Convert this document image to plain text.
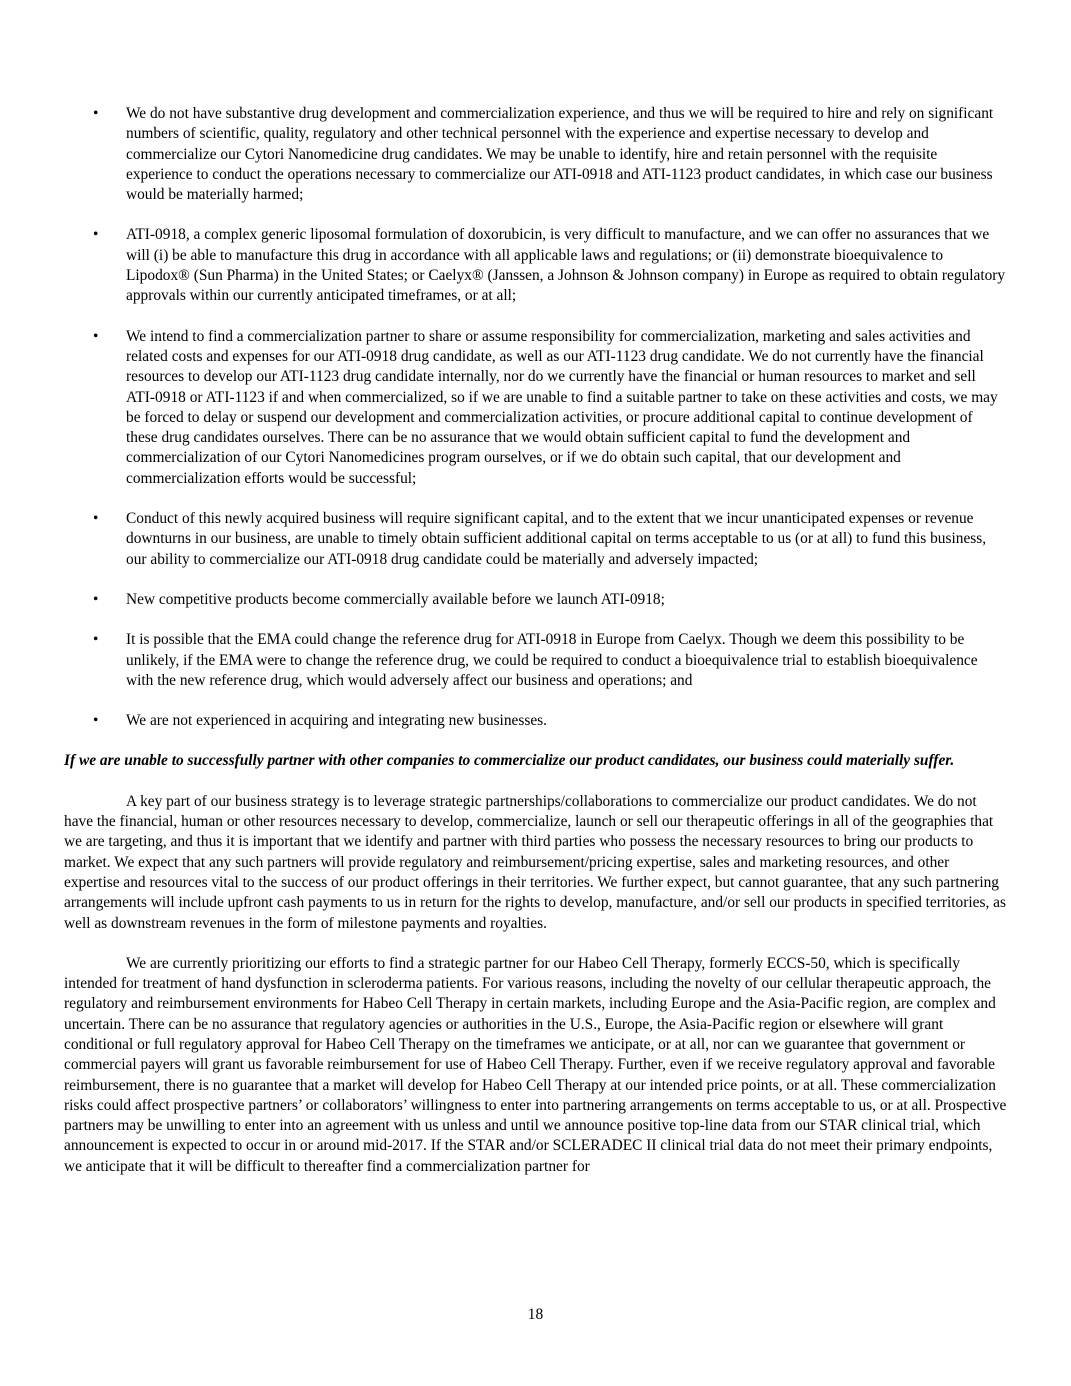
• We do not have substantive drug development and commercialization experience, and thus we will be required to hire and rely on significant numbers of scientific, quality, regulatory and other technical personnel with the experience and expertise necessary to develop and commercialize our Cytori Nanomedicine drug candidates. We may be unable to identify, hire and retain personnel with the requisite experience to conduct the operations necessary to commercialize our ATI-0918 and ATI-1123 product candidates, in which case our business would be materially harmed;
• ATI-0918, a complex generic liposomal formulation of doxorubicin, is very difficult to manufacture, and we can offer no assurances that we will (i) be able to manufacture this drug in accordance with all applicable laws and regulations; or (ii) demonstrate bioequivalence to Lipodox® (Sun Pharma) in the United States; or Caelyx® (Janssen, a Johnson & Johnson company) in Europe as required to obtain regulatory approvals within our currently anticipated timeframes, or at all;
• We intend to find a commercialization partner to share or assume responsibility for commercialization, marketing and sales activities and related costs and expenses for our ATI-0918 drug candidate, as well as our ATI-1123 drug candidate. We do not currently have the financial resources to develop our ATI-1123 drug candidate internally, nor do we currently have the financial or human resources to market and sell ATI-0918 or ATI-1123 if and when commercialized, so if we are unable to find a suitable partner to take on these activities and costs, we may be forced to delay or suspend our development and commercialization activities, or procure additional capital to continue development of these drug candidates ourselves. There can be no assurance that we would obtain sufficient capital to fund the development and commercialization of our Cytori Nanomedicines program ourselves, or if we do obtain such capital, that our development and commercialization efforts would be successful;
• Conduct of this newly acquired business will require significant capital, and to the extent that we incur unanticipated expenses or revenue downturns in our business, are unable to timely obtain sufficient additional capital on terms acceptable to us (or at all) to fund this business, our ability to commercialize our ATI-0918 drug candidate could be materially and adversely impacted;
• New competitive products become commercially available before we launch ATI-0918;
• It is possible that the EMA could change the reference drug for ATI-0918 in Europe from Caelyx. Though we deem this possibility to be unlikely, if the EMA were to change the reference drug, we could be required to conduct a bioequivalence trial to establish bioequivalence with the new reference drug, which would adversely affect our business and operations; and
• We are not experienced in acquiring and integrating new businesses.
If we are unable to successfully partner with other companies to commercialize our product candidates, our business could materially suffer.

A key part of our business strategy is to leverage strategic partnerships/collaborations to commercialize our product candidates. We do not have the financial, human or other resources necessary to develop, commercialize, launch or sell our therapeutic offerings in all of the geographies that we are targeting, and thus it is important that we identify and partner with third parties who possess the necessary resources to bring our products to market. We expect that any such partners will provide regulatory and reimbursement/pricing expertise, sales and marketing resources, and other expertise and resources vital to the success of our product offerings in their territories. We further expect, but cannot guarantee, that any such partnering arrangements will include upfront cash payments to us in return for the rights to develop, manufacture, and/or sell our products in specified territories, as well as downstream revenues in the form of milestone payments and royalties.

We are currently prioritizing our efforts to find a strategic partner for our Habeo Cell Therapy, formerly ECCS-50, which is specifically intended for treatment of hand dysfunction in scleroderma patients. For various reasons, including the novelty of our cellular therapeutic approach, the regulatory and reimbursement environments for Habeo Cell Therapy in certain markets, including Europe and the Asia-Pacific region, are complex and uncertain. There can be no assurance that regulatory agencies or authorities in the U.S., Europe, the Asia-Pacific region or elsewhere will grant conditional or full regulatory approval for Habeo Cell Therapy on the timeframes we anticipate, or at all, nor can we guarantee that government or commercial payers will grant us favorable reimbursement for use of Habeo Cell Therapy. Further, even if we receive regulatory approval and favorable reimbursement, there is no guarantee that a market will develop for Habeo Cell Therapy at our intended price points, or at all. These commercialization risks could affect prospective partners’ or collaborators’ willingness to enter into partnering arrangements on terms acceptable to us, or at all. Prospective partners may be unwilling to enter into an agreement with us unless and until we announce positive top-line data from our STAR clinical trial, which announcement is expected to occur in or around mid-2017. If the STAR and/or SCLERADEC II clinical trial data do not meet their primary endpoints, we anticipate that it will be difficult to thereafter find a commercialization partner for

18
